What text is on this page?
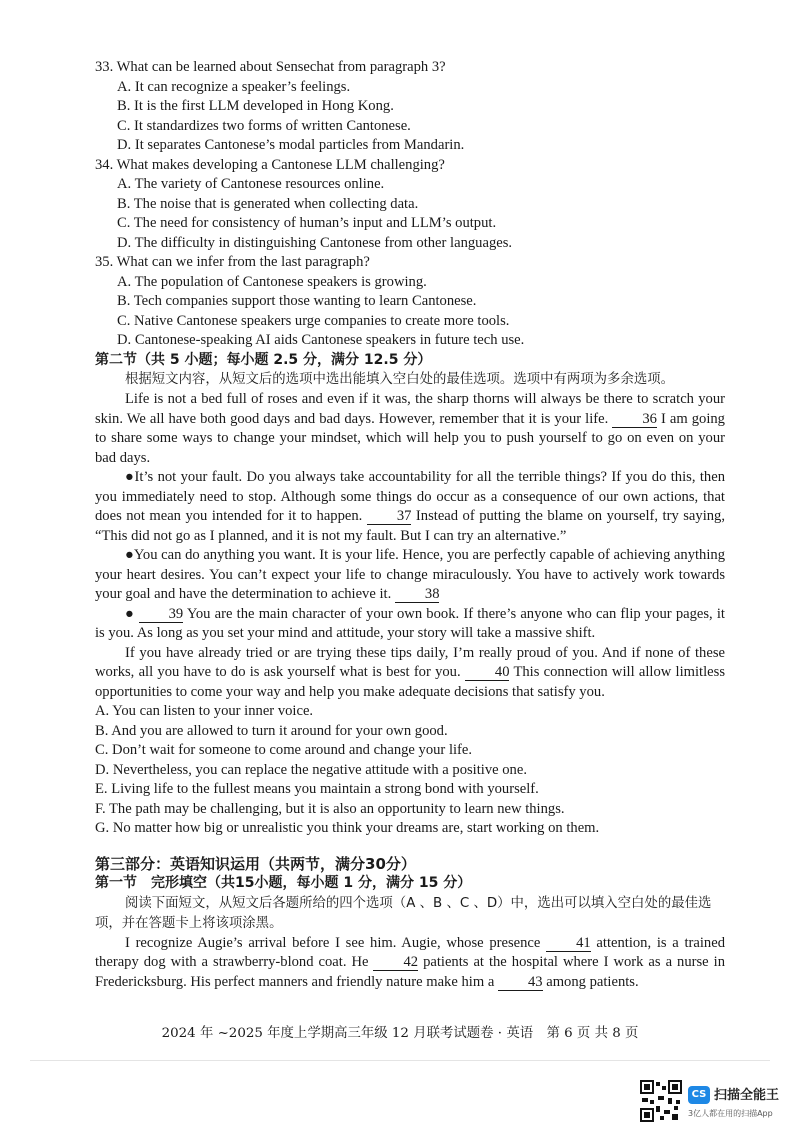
33. What can be learned about Sensechat from paragraph 3?

A. It can recognize a speaker’s feelings.

B. It is the first LLM developed in Hong Kong.

C. It standardizes two forms of written Cantonese.

D. It separates Cantonese’s modal particles from Mandarin.

34. What makes developing a Cantonese LLM challenging?

A. The variety of Cantonese resources online.

B. The noise that is generated when collecting data.

C. The need for consistency of human’s input and LLM’s output.

D. The difficulty in distinguishing Cantonese from other languages.

35. What can we infer from the last paragraph?

A. The population of Cantonese speakers is growing.

B. Tech companies support those wanting to learn Cantonese.

C. Native Cantonese speakers urge companies to create more tools.

D. Cantonese-speaking AI aids Cantonese speakers in future tech use.

第二节（共 5 小题；每小题 2.5 分，满分 12.5 分）

根据短文内容，从短文后的选项中选出能填入空白处的最佳选项。选项中有两项为多余选项。

Life is not a bed full of roses and even if it was, the sharp thorns will always be there to scratch your skin. We all have both good days and bad days. However, remember that it is your life. 36 I am going to share some ways to change your mindset, which will help you to push yourself to go on even on your bad days.

●It’s not your fault. Do you always take accountability for all the terrible things? If you do this, then you immediately need to stop. Although some things do occur as a consequence of our own actions, that does not mean you intended for it to happen. 37 Instead of putting the blame on yourself, try saying, “This did not go as I planned, and it is not my fault. But I can try an alternative.”

●You can do anything you want. It is your life. Hence, you are perfectly capable of achieving anything your heart desires. You can’t expect your life to change miraculously. You have to actively work towards your goal and have the determination to achieve it. 38

● 39 You are the main character of your own book. If there’s anyone who can flip your pages, it is you. As long as you set your mind and attitude, your story will take a massive shift.

If you have already tried or are trying these tips daily, I’m really proud of you. And if none of these works, all you have to do is ask yourself what is best for you. 40 This connection will allow limitless opportunities to come your way and help you make adequate decisions that satisfy you.

A. You can listen to your inner voice.

B. And you are allowed to turn it around for your own good.

C. Don’t wait for someone to come around and change your life.

D. Nevertheless, you can replace the negative attitude with a positive one.

E. Living life to the fullest means you maintain a strong bond with yourself.

F. The path may be challenging, but it is also an opportunity to learn new things.

G. No matter how big or unrealistic you think your dreams are, start working on them.

第三部分：英语知识运用（共两节，满分30分）

第一节　完形填空（共15小题，每小题 1 分，满分 15 分）

阅读下面短文，从短文后各题所给的四个选项（A 、B 、C 、D）中，选出可以填入空白处的最佳选项，并在答题卡上将该项涂黑。

I recognize Augie’s arrival before I see him. Augie, whose presence 41 attention, is a trained therapy dog with a strawberry-blond coat. He 42 patients at the hospital where I work as a nurse in Fredericksburg. His perfect manners and friendly nature make him a 43 among patients.

2024 年 ~2025 年度上学期高三年级 12 月联考试题卷 · 英语　第 6 页 共 8 页
CS 扫描全能王
3亿人都在用的扫描App
